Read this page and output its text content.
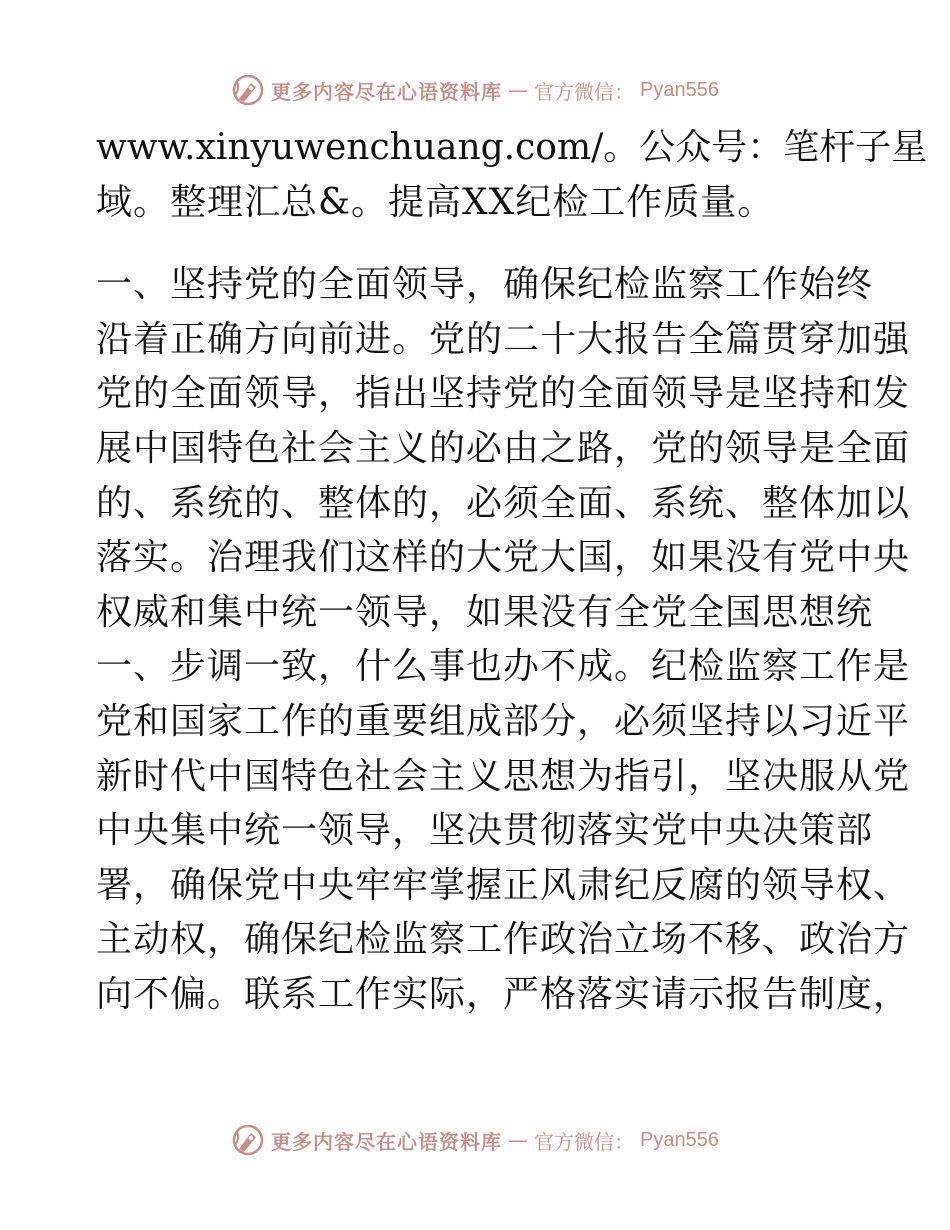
更多内容尽在心语资料库 — 官方微信： Pyan556
www.xinyuwenchuang.com/。公众号：笔杆子星
域。整理汇总&。提高XX纪检工作质量。
一、坚持党的全面领导，确保纪检监察工作始终
沿着正确方向前进。党的二十大报告全篇贯穿加强
党的全面领导，指出坚持党的全面领导是坚持和发
展中国特色社会主义的必由之路，党的领导是全面
的、系统的、整体的，必须全面、系统、整体加以
落实。治理我们这样的大党大国，如果没有党中央
权威和集中统一领导，如果没有全党全国思想统
一、步调一致，什么事也办不成。纪检监察工作是
党和国家工作的重要组成部分，必须坚持以习近平
新时代中国特色社会主义思想为指引，坚决服从党
中央集中统一领导，坚决贯彻落实党中央决策部
署，确保党中央牢牢掌握正风肃纪反腐的领导权、
主动权，确保纪检监察工作政治立场不移、政治方
向不偏。联系工作实际，严格落实请示报告制度，
更多内容尽在心语资料库 — 官方微信： Pyan556
